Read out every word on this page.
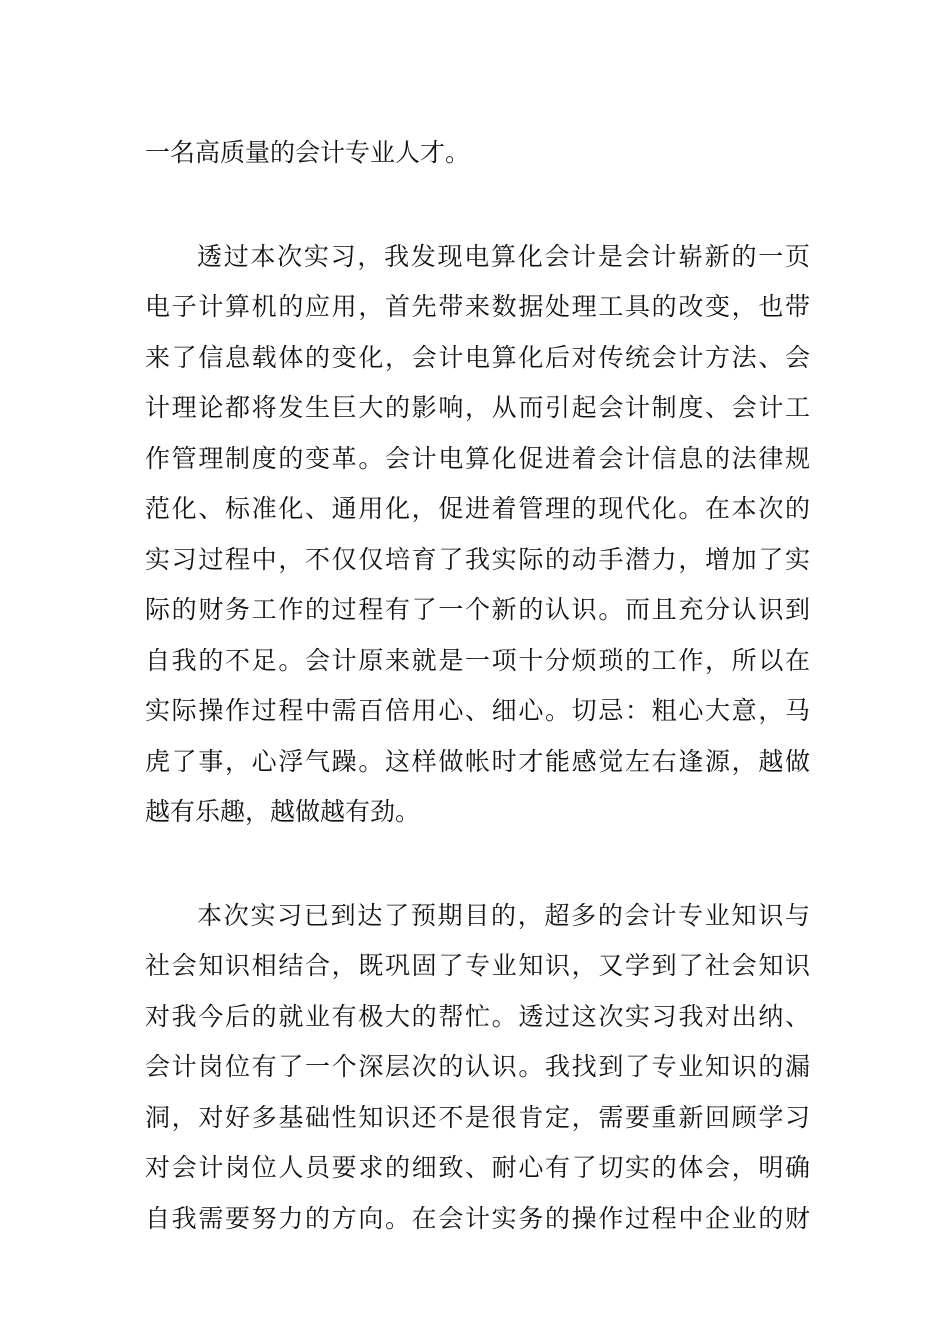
一名高质量的会计专业人才。
透过本次实习，我发现电算化会计是会计崭新的一页
电子计算机的应用，首先带来数据处理工具的改变，也带
来了信息载体的变化，会计电算化后对传统会计方法、会
计理论都将发生巨大的影响，从而引起会计制度、会计工
作管理制度的变革。会计电算化促进着会计信息的法律规
范化、标准化、通用化，促进着管理的现代化。在本次的
实习过程中，不仅仅培育了我实际的动手潜力，增加了实
际的财务工作的过程有了一个新的认识。而且充分认识到
自我的不足。会计原来就是一项十分烦琐的工作，所以在
实际操作过程中需百倍用心、细心。切忌：粗心大意，马
虎了事，心浮气躁。这样做帐时才能感觉左右逢源，越做
越有乐趣，越做越有劲。
本次实习已到达了预期目的，超多的会计专业知识与
社会知识相结合，既巩固了专业知识，又学到了社会知识
对我今后的就业有极大的帮忙。透过这次实习我对出纳、
会计岗位有了一个深层次的认识。我找到了专业知识的漏
洞，对好多基础性知识还不是很肯定，需要重新回顾学习
对会计岗位人员要求的细致、耐心有了切实的体会，明确
自我需要努力的方向。在会计实务的操作过程中企业的财
